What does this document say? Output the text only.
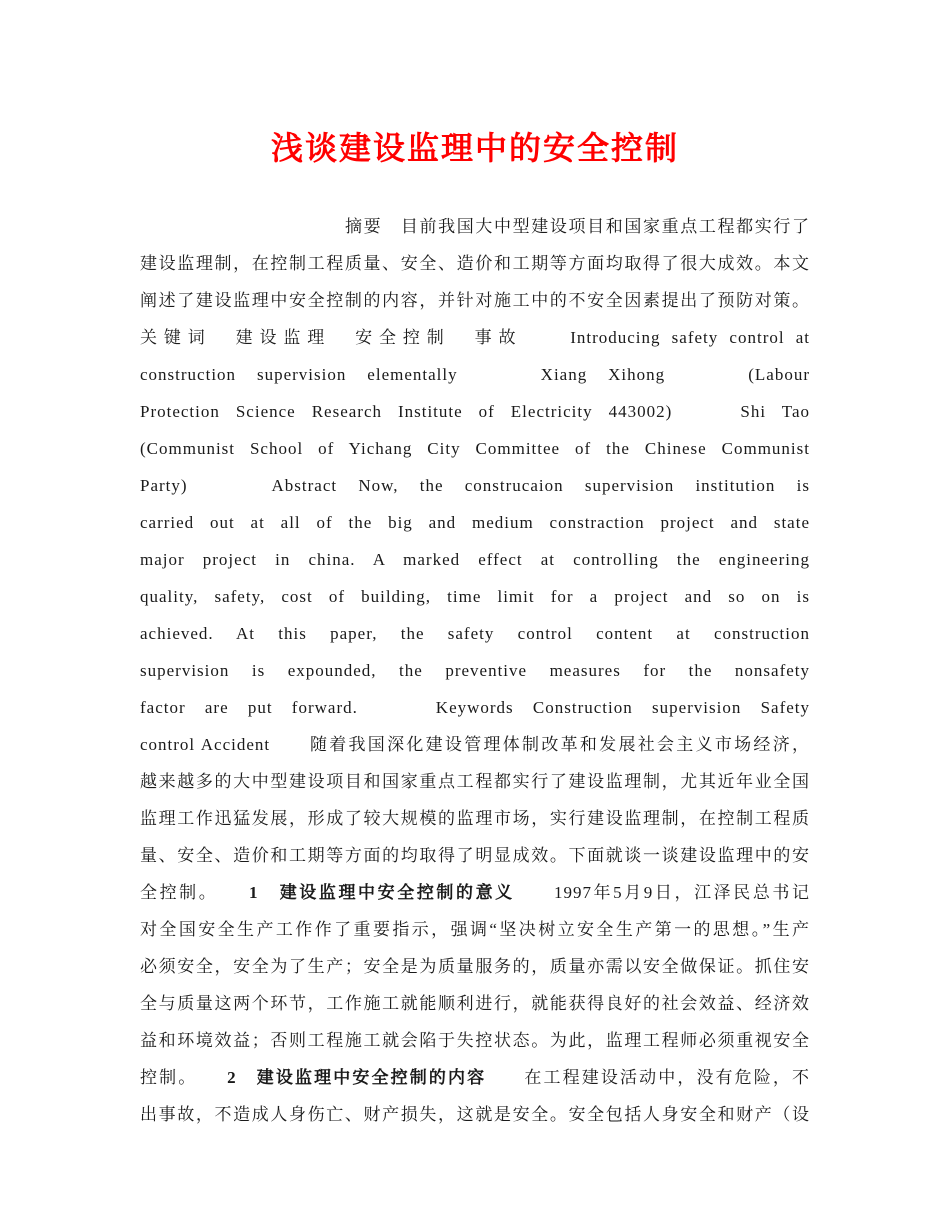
浅谈建设监理中的安全控制
摘要　目前我国大中型建设项目和国家重点工程都实行了
建设监理制，在控制工程质量、安全、造价和工期等方面均取得了很大成效。本文
阐述了建设监理中安全控制的内容，并针对施工中的不安全因素提出了预防对策。
关键词　建设监理　安全控制　事故　　Introducing safety control at
construction supervision elementally　　Xiang Xihong　　(Labour
Protection Science Research Institute of Electricity 443002)　　Shi Tao
(Communist School of Yichang City Committee of the Chinese Communist
Party)　　Abstract Now, the construcaion supervision institution is
carried out at all of the big and medium constraction project and state
major project in china. A marked effect at controlling the engineering
quality, safety, cost of building, time limit for a project and so on is
achieved. At this paper, the safety control content at construction
supervision is expounded, the preventive measures for the nonsafety
factor are put forward.　　Keywords Construction supervision Safety
control Accident　　随着我国深化建设管理体制改革和发展社会主义市场经济，
越来越多的大中型建设项目和国家重点工程都实行了建设监理制，尤其近年业全国
监理工作迅猛发展，形成了较大规模的监理市场，实行建设监理制，在控制工程质
量、安全、造价和工期等方面的均取得了明显成效。下面就谈一谈建设监理中的安
全控制。　　1　建设监理中安全控制的意义　　1997年5月9日，江泽民总书记
对全国安全生产工作作了重要指示，强调“坚决树立安全生产第一的思想。”生产
必须安全，安全为了生产；安全是为质量服务的，质量亦需以安全做保证。抓住安
全与质量这两个环节，工作施工就能顺利进行，就能获得良好的社会效益、经济效
益和环境效益；否则工程施工就会陷于失控状态。为此，监理工程师必须重视安全
控制。　　2　建设监理中安全控制的内容　　在工程建设活动中，没有危险，不
出事故，不造成人身伤亡、财产损失，这就是安全。安全包括人身安全和财产（设
